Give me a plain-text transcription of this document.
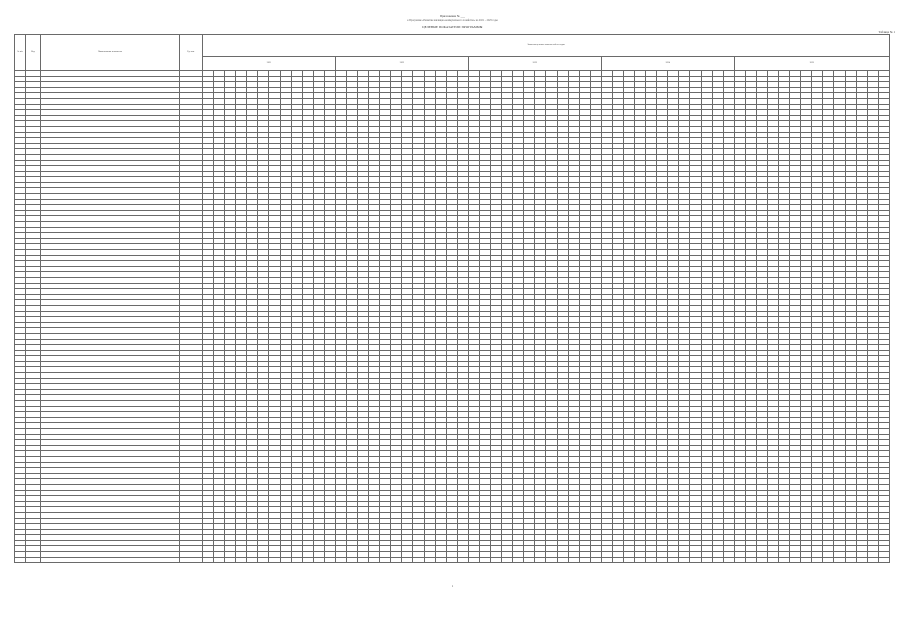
Приложение № ___
к Программе «Развитие жилищно-коммунального хозяйства» на 2021 – 2025 годы
ЦЕЛЕВЫЕ ПОКАЗАТЕЛИ ПРОГРАММЫ
Таблица № 1
№ п/п	Код	Наименование показателя	Ед. изм.	Значения целевых показателей по годам
2021	2022	2023	2024	2025

1
